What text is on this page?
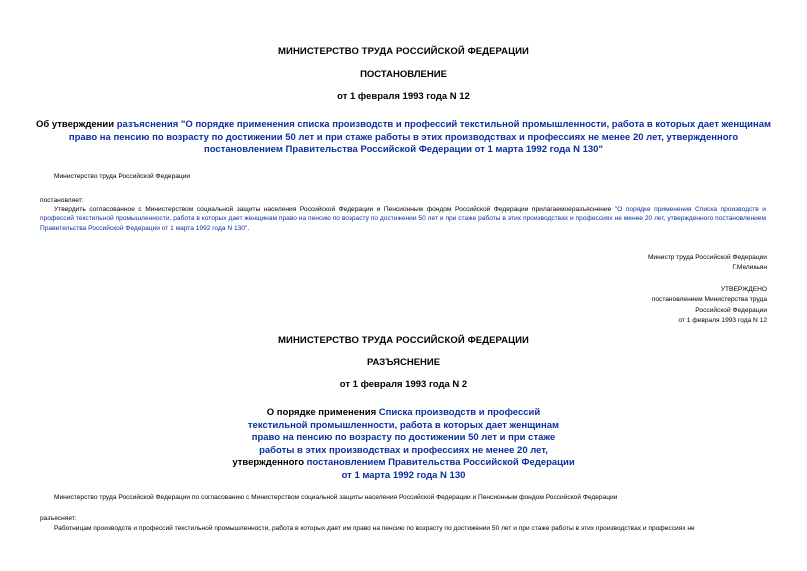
МИНИСТЕРСТВО ТРУДА РОССИЙСКОЙ ФЕДЕРАЦИИ
ПОСТАНОВЛЕНИЕ
от 1 февраля 1993 года N 12
Об утверждении разъяснения "О порядке применения списка производств и профессий текстильной промышленности, работа в которых дает женщинам право на пенсию по возрасту по достижении 50 лет и при стаже работы в этих производствах и профессиях не менее 20 лет, утвержденного постановлением Правительства Российской Федерации от 1 марта 1992 года N 130"
Министерство труда Российской Федерации
постановляет:
Утвердить согласованное с Министерством социальной защиты населения Российской Федерации и Пенсионным фондом Российской Федерации прилагаемоеразъяснение "О порядке применения Списка производств и профессий текстильной промышленности, работа в которых дает женщинам право на пенсию по возрасту по достижении 50 лет и при стаже работы в этих производствах и профессиях не менее 20 лет, утвержденного постановлением Правительства Российской Федерации от 1 марта 1992 года N 130".
Министр труда Российской Федерации
Г.Меликьян
УТВЕРЖДЕНО
постановлением Министерства труда
Российской Федерации
от 1 февраля 1993 года N 12
МИНИСТЕРСТВО ТРУДА РОССИЙСКОЙ ФЕДЕРАЦИИ
РАЗЪЯСНЕНИЕ
от 1 февраля 1993 года N 2
О порядке применения Списка производств и профессий
текстильной промышленности, работа в которых дает женщинам
право на пенсию по возрасту по достижении 50 лет и при стаже
работы в этих производствах и профессиях не менее 20 лет,
утвержденного постановлением Правительства Российской Федерации
от 1 марта 1992 года N 130
Министерство труда Российской Федерации по согласованию с Министерством социальной защиты населения Российской Федерации и Пенсионным фондом Российской Федерации
разъясняет:
Работницам производств и профессий текстильной промышленности, работа в которых дает им право на пенсию по возрасту по достижении 50 лет и при стаже работы в этих производствах и профессиях не
